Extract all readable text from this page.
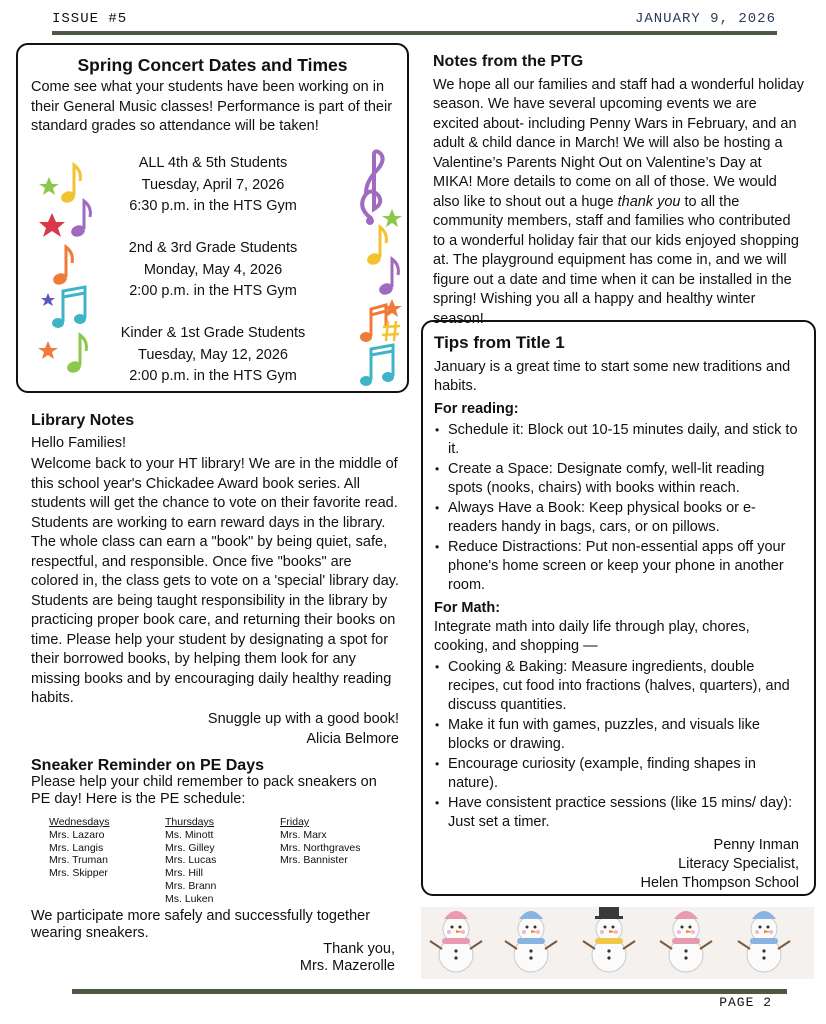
ISSUE #5	JANUARY 9, 2026
Spring Concert Dates and Times
Come see what your students have been working on in their General Music classes! Performance is part of their standard grades so attendance will be taken!
ALL 4th & 5th Students
Tuesday, April 7, 2026
6:30 p.m. in the HTS Gym
2nd & 3rd Grade Students
Monday, May 4, 2026
2:00 p.m. in the HTS Gym
Kinder & 1st Grade Students
Tuesday, May 12, 2026
2:00 p.m. in the HTS Gym
Notes from the PTG

We hope all our families and staff had a wonderful holiday season. We have several upcoming events we are excited about- including Penny Wars in February, and an adult & child dance in March! We will also be hosting a Valentine’s Parents Night Out on Valentine’s Day at MIKA! More details to come on all of those. We would also like to shout out a huge thank you to all the community members, staff and families who contributed to a wonderful holiday fair that our kids enjoyed shopping at. The playground equipment has come in, and we will figure out a date and time when it can be installed in the spring! Wishing you all a happy and healthy winter season!

Tips from Title 1
January is a great time to start some new traditions and habits.
For reading:
• Schedule it: Block out 10-15 minutes daily, and stick to it.
• Create a Space: Designate comfy, well-lit reading spots (nooks, chairs) with books within reach.
• Always Have a Book: Keep physical books or e-readers handy in bags, cars, or on pillows.
• Reduce Distractions: Put non-essential apps off your phone's home screen or keep your phone in another room.
For Math:
Integrate math into daily life through play, chores, cooking, and shopping —
• Cooking & Baking: Measure ingredients, double recipes, cut food into fractions (halves, quarters), and discuss quantities.
• Make it fun with games, puzzles, and visuals like blocks or drawing.
• Encourage curiosity (example, finding shapes in nature).
• Have consistent practice sessions (like 15 mins/ day): Just set a timer.
Penny Inman
Literacy Specialist,
Helen Thompson School
Library Notes

Hello Families!

Welcome back to your HT library! We are in the middle of this school year's Chickadee Award book series. All students will get the chance to vote on their favorite read. Students are working to earn reward days in the library. The whole class can earn a "book" by being quiet, safe, respectful, and responsible. Once five "books" are colored in, the class gets to vote on a 'special' library day. Students are being taught responsibility in the library by practicing proper book care, and returning their books on time. Please help your student by designating a spot for their borrowed books, by helping them look for any missing books and by encouraging daily healthy reading habits.

Snuggle up with a good book!

Alicia Belmore

Sneaker Reminder on PE Days
Please help your child remember to pack sneakers on PE day! Here is the PE schedule:
Wednesdays
Mrs. Lazaro
Mrs. Langis
Mrs. Truman
Mrs. Skipper
Thursdays
Ms. Minott
Mrs. Gilley
Mrs. Lucas
Mrs. Hill
Mrs. Brann
Ms. Luken
Friday
Mrs. Marx
Mrs. Northgraves
Mrs. Bannister
We participate more safely and successfully together wearing sneakers.
Thank you,
Mrs. Mazerolle
PAGE 2
